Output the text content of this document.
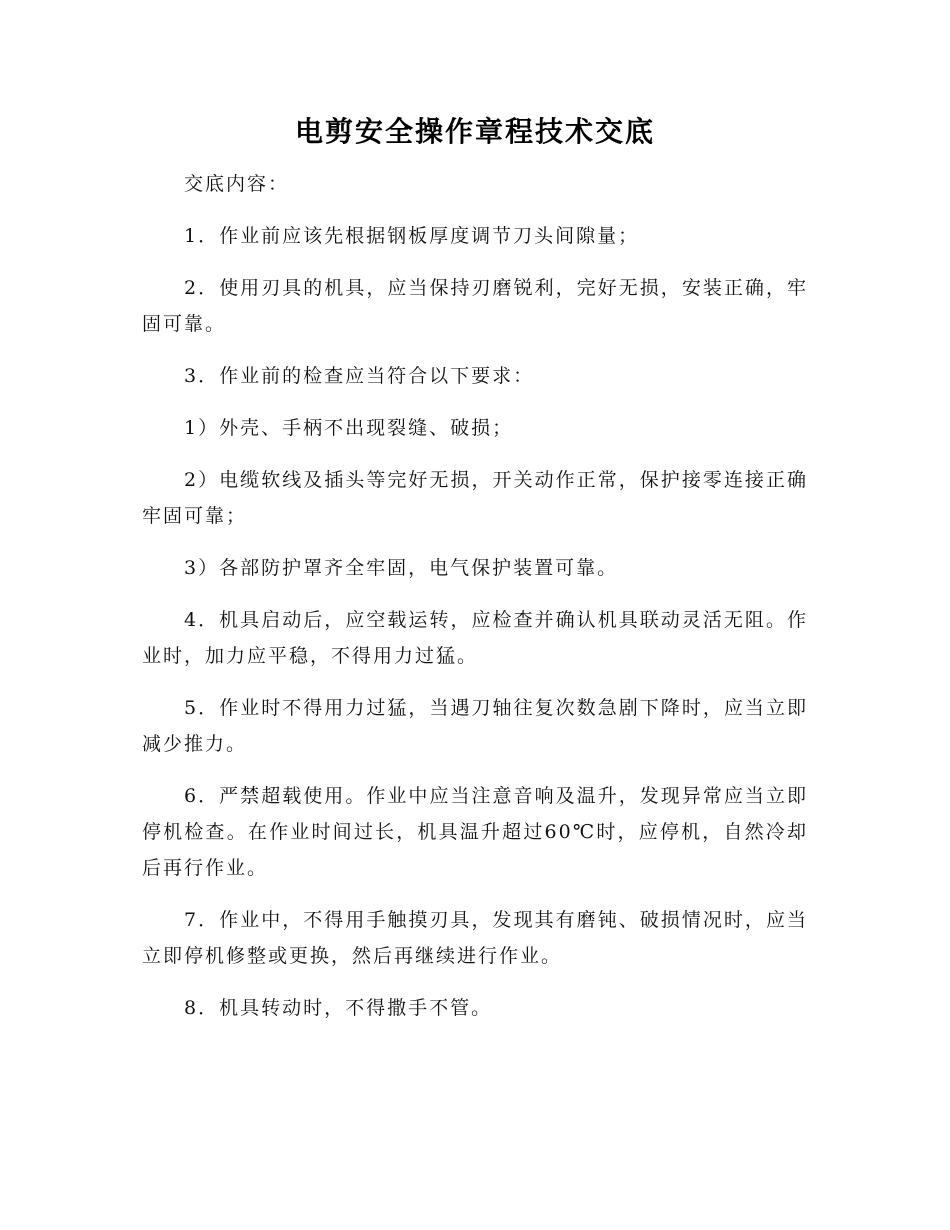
电剪安全操作章程技术交底

交底内容：

1．作业前应该先根据钢板厚度调节刀头间隙量；

2．使用刃具的机具，应当保持刃磨锐利，完好无损，安装正确，牢固可靠。

3．作业前的检查应当符合以下要求：

1）外壳、手柄不出现裂缝、破损；

2）电缆软线及插头等完好无损，开关动作正常，保护接零连接正确牢固可靠；

3）各部防护罩齐全牢固，电气保护装置可靠。

4．机具启动后，应空载运转，应检查并确认机具联动灵活无阻。作业时，加力应平稳，不得用力过猛。

5．作业时不得用力过猛，当遇刀轴往复次数急剧下降时，应当立即减少推力。

6．严禁超载使用。作业中应当注意音响及温升，发现异常应当立即停机检查。在作业时间过长，机具温升超过60℃时，应停机，自然冷却后再行作业。

7．作业中，不得用手触摸刃具，发现其有磨钝、破损情况时，应当立即停机修整或更换，然后再继续进行作业。

8．机具转动时，不得撒手不管。
